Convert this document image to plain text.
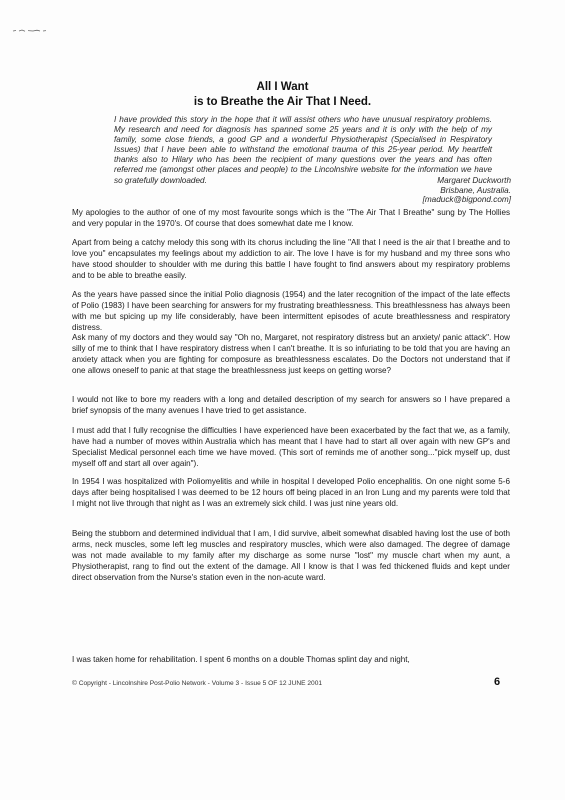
All I Want
is to Breathe the Air That I Need.

I have provided this story in the hope that it will assist others who have unusual respiratory problems. My research and need for diagnosis has spanned some 25 years and it is only with the help of my family, some close friends, a good GP and a wonderful Physiotherapist (Specialised in Respiratory Issues) that I have been able to withstand the emotional trauma of this 25-year period. My heartfelt thanks also to Hilary who has been the recipient of many questions over the years and has often referred me (amongst other places and people) to the Lincolnshire website for the information we have so gratefully downloaded.	Margaret Duckworth
Brisbane, Australia.
[maduck@bigpond.com]

My apologies to the author of one of my most favourite songs which is the "The Air That I Breathe" sung by The Hollies and very popular in the 1970's. Of course that does somewhat date me I know.

Apart from being a catchy melody this song with its chorus including the line "All that I need is the air that I breathe and to love you" encapsulates my feelings about my addiction to air. The love I have is for my husband and my three sons who have stood shoulder to shoulder with me during this battle I have fought to find answers about my respiratory problems and to be able to breathe easily.

As the years have passed since the initial Polio diagnosis (1954) and the later recognition of the impact of the late effects of Polio (1983) I have been searching for answers for my frustrating breathlessness. This breathlessness has always been with me but spicing up my life considerably, have been intermittent episodes of acute breathlessness and respiratory distress.

Ask many of my doctors and they would say "Oh no, Margaret, not respiratory distress but an anxiety/ panic attack". How silly of me to think that I have respiratory distress when I can't breathe. It is so infuriating to be told that you are having an anxiety attack when you are fighting for composure as breathlessness escalates. Do the Doctors not understand that if one allows oneself to panic at that stage the breathlessness just keeps on getting worse?

I would not like to bore my readers with a long and detailed description of my search for answers so I have prepared a brief synopsis of the many avenues I have tried to get assistance.

I must add that I fully recognise the difficulties I have experienced have been exacerbated by the fact that we, as a family, have had a number of moves within Australia which has meant that I have had to start all over again with new GP's and Specialist Medical personnel each time we have moved. (This sort of reminds me of another song..."pick myself up, dust myself off and start all over again").

In 1954 I was hospitalized with Poliomyelitis and while in hospital I developed Polio encephalitis. On one night some 5-6 days after being hospitalised I was deemed to be 12 hours off being placed in an Iron Lung and my parents were told that I might not live through that night as I was an extremely sick child. I was just nine years old.

Being the stubborn and determined individual that I am, I did survive, albeit somewhat disabled having lost the use of both arms, neck muscles, some left leg muscles and respiratory muscles, which were also damaged. The degree of damage was not made available to my family after my discharge as some nurse "lost" my muscle chart when my aunt, a Physiotherapist, rang to find out the extent of the damage. All I know is that I was fed thickened fluids and kept under direct observation from the Nurse's station even in the non-acute ward.

I was taken home for rehabilitation. I spent 6 months on a double Thomas splint day and night,

© Copyright - Lincolnshire Post-Polio Network - Volume 3 - Issue 5 OF 12 JUNE 2001	6
